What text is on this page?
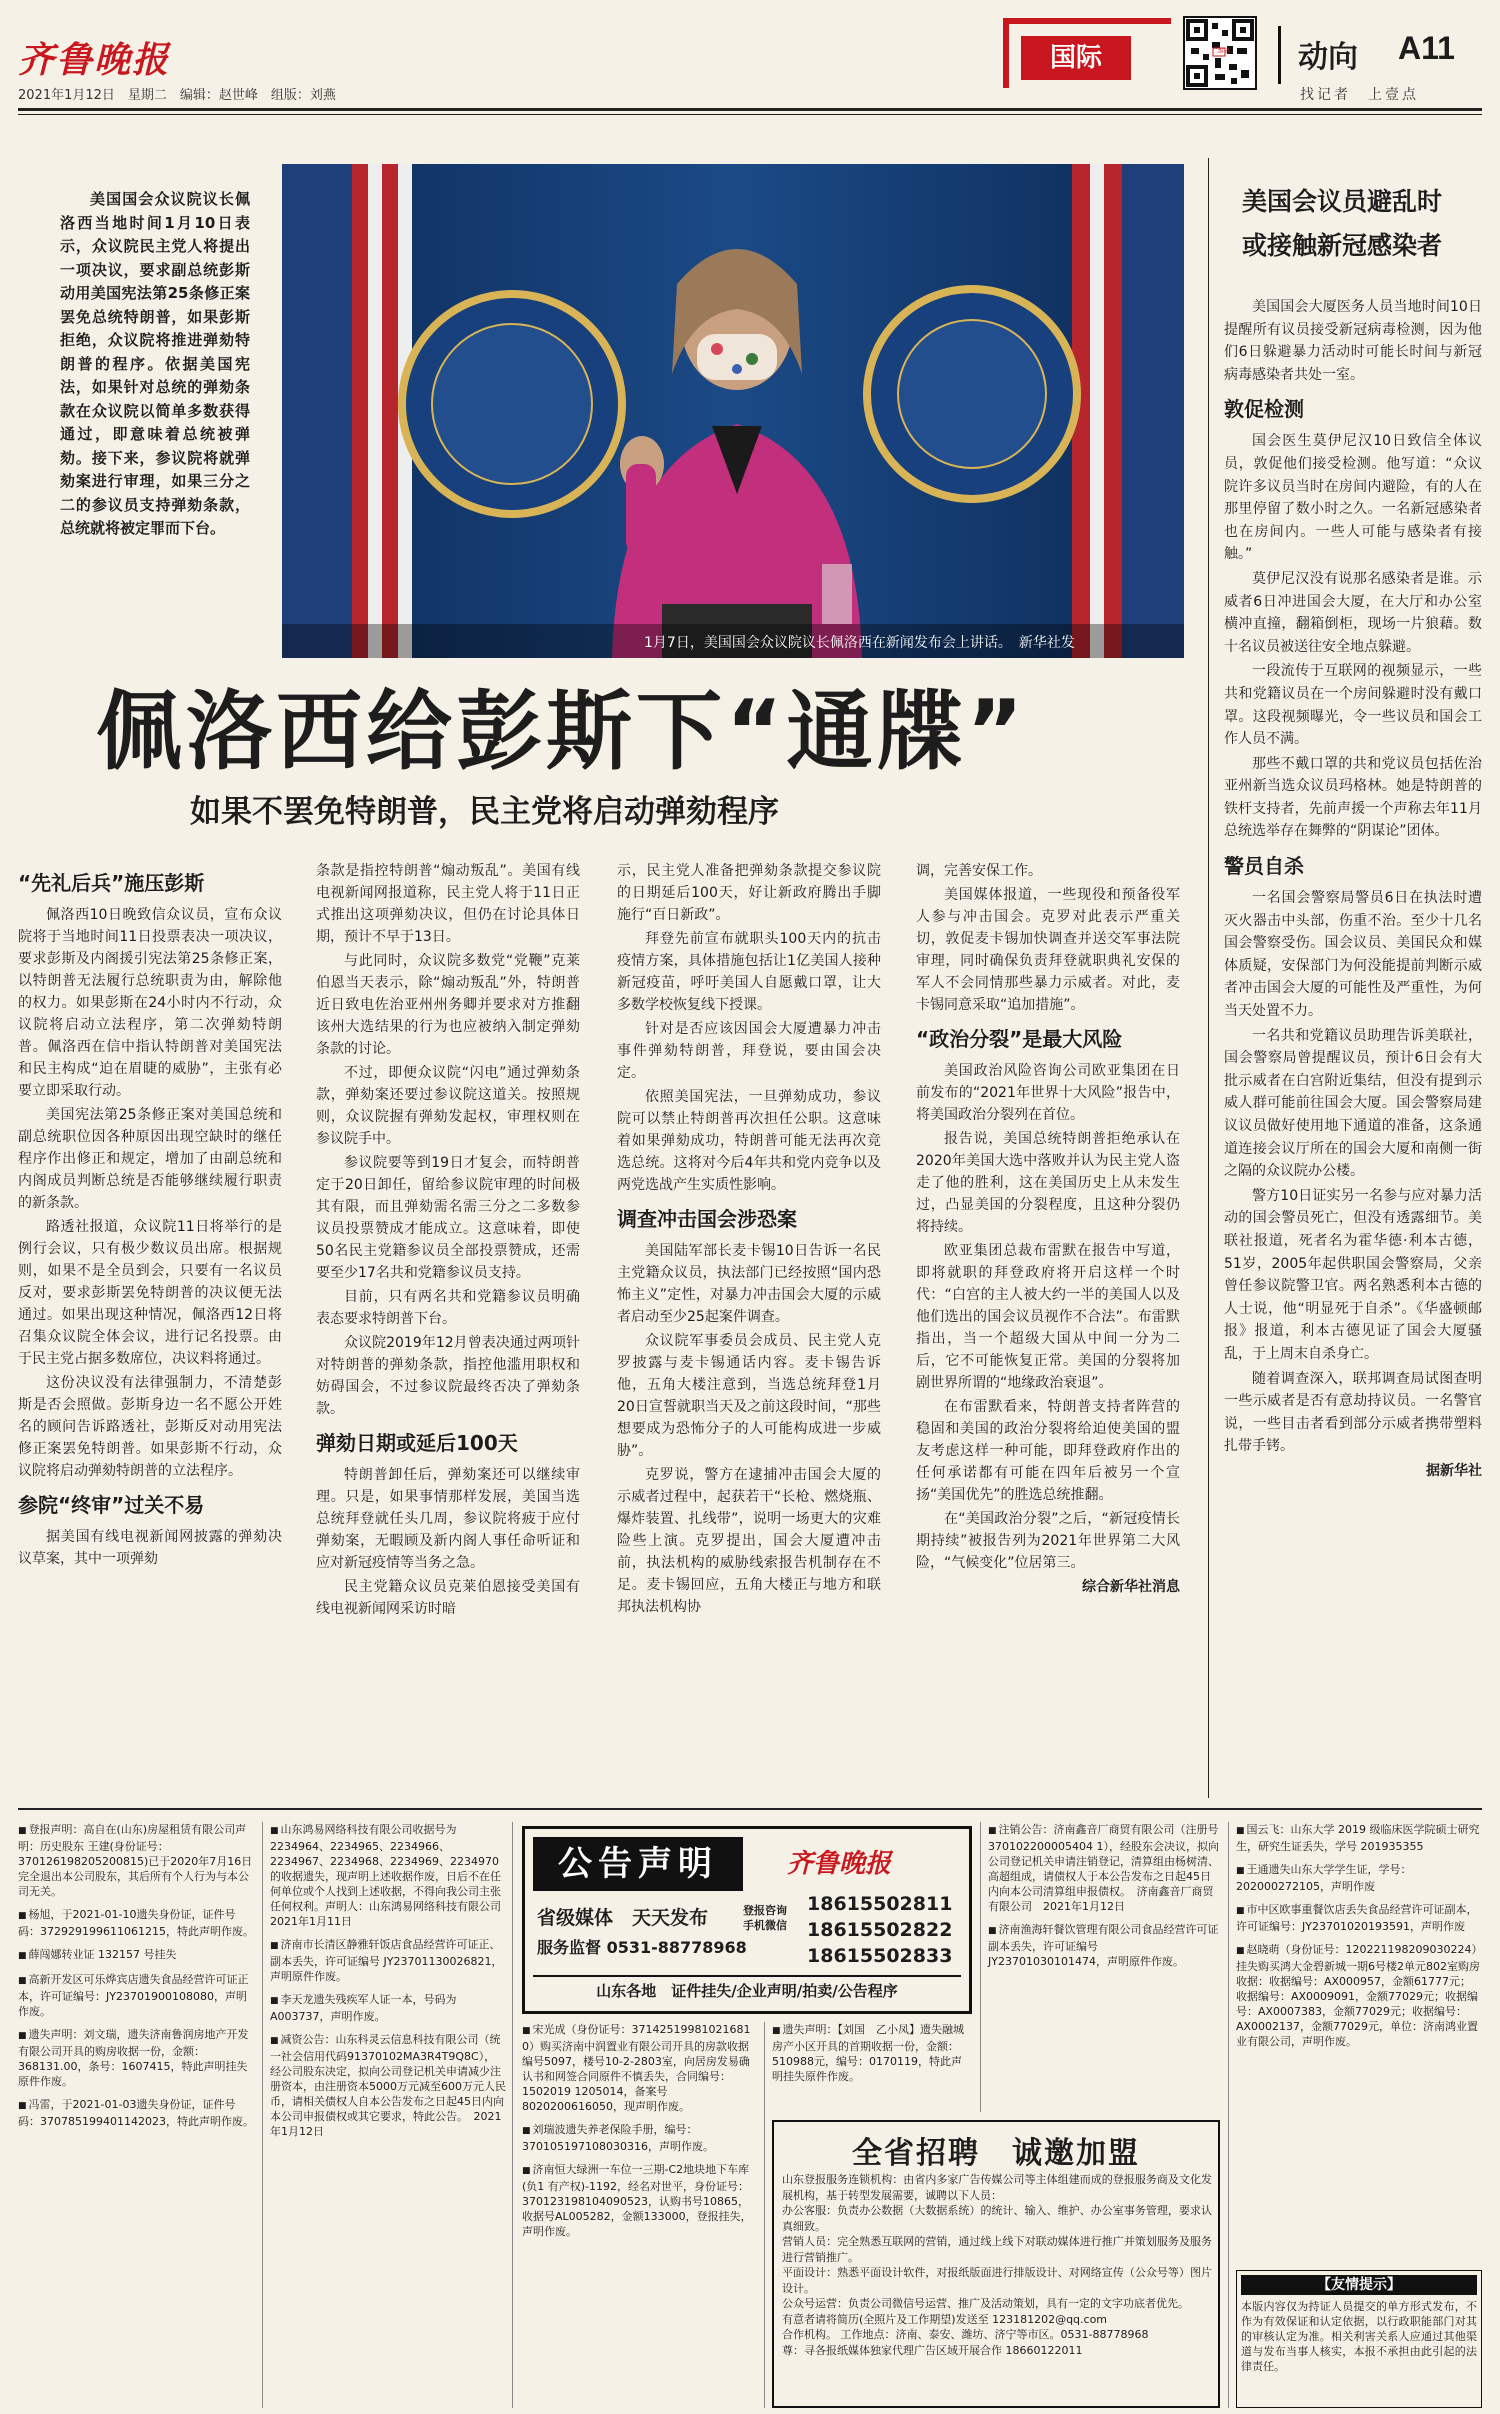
齐鲁晚报
2021年1月12日　星期二　编辑：赵世峰　组版：刘燕
国际	二维码 动向 A11
找记者　上壹点
美国国会众议院议长佩洛西当地时间1月10日表示，众议院民主党人将提出一项决议，要求副总统彭斯动用美国宪法第25条修正案罢免总统特朗普，如果彭斯拒绝，众议院将推进弹劾特朗普的程序。依据美国宪法，如果针对总统的弹劾条款在众议院以简单多数获得通过，即意味着总统被弹劾。接下来，参议院将就弹劾案进行审理，如果三分之二的参议员支持弹劾条款，总统就将被定罪而下台。
1月7日，美国国会众议院议长佩洛西在新闻发布会上讲话。　新华社发
佩洛西给彭斯下“通牒”
如果不罢免特朗普，民主党将启动弹劾程序
“先礼后兵”施压彭斯

佩洛西10日晚致信众议员，宣布众议院将于当地时间11日投票表决一项决议，要求彭斯及内阁援引宪法第25条修正案，以特朗普无法履行总统职责为由，解除他的权力。如果彭斯在24小时内不行动，众议院将启动立法程序，第二次弹劾特朗普。佩洛西在信中指认特朗普对美国宪法和民主构成“迫在眉睫的威胁”，主张有必要立即采取行动。

美国宪法第25条修正案对美国总统和副总统职位因各种原因出现空缺时的继任程序作出修正和规定，增加了由副总统和内阁成员判断总统是否能够继续履行职责的新条款。

路透社报道，众议院11日将举行的是例行会议，只有极少数议员出席。根据规则，如果不是全员到会，只要有一名议员反对，要求彭斯罢免特朗普的决议便无法通过。如果出现这种情况，佩洛西12日将召集众议院全体会议，进行记名投票。由于民主党占据多数席位，决议料将通过。

这份决议没有法律强制力，不清楚彭斯是否会照做。彭斯身边一名不愿公开姓名的顾问告诉路透社，彭斯反对动用宪法修正案罢免特朗普。如果彭斯不行动，众议院将启动弹劾特朗普的立法程序。

参院“终审”过关不易

据美国有线电视新闻网披露的弹劾决议草案，其中一项弹劾

条款是指控特朗普“煽动叛乱”。美国有线电视新闻网报道称，民主党人将于11日正式推出这项弹劾决议，但仍在讨论具体日期，预计不早于13日。

与此同时，众议院多数党“党鞭”克莱伯恩当天表示，除“煽动叛乱”外，特朗普近日致电佐治亚州州务卿并要求对方推翻该州大选结果的行为也应被纳入制定弹劾条款的讨论。

不过，即便众议院“闪电”通过弹劾条款，弹劾案还要过参议院这道关。按照规则，众议院握有弹劾发起权，审理权则在参议院手中。

参议院要等到19日才复会，而特朗普定于20日卸任，留给参议院审理的时间极其有限，而且弹劾需名需三分之二多数参议员投票赞成才能成立。这意味着，即使50名民主党籍参议员全部投票赞成，还需要至少17名共和党籍参议员支持。

目前，只有两名共和党籍参议员明确表态要求特朗普下台。

众议院2019年12月曾表决通过两项针对特朗普的弹劾条款，指控他滥用职权和妨碍国会，不过参议院最终否决了弹劾条款。

弹劾日期或延后100天

特朗普卸任后，弹劾案还可以继续审理。只是，如果事情那样发展，美国当选总统拜登就任头几周，参议院将疲于应付弹劾案，无暇顾及新内阁人事任命听证和应对新冠疫情等当务之急。

民主党籍众议员克莱伯恩接受美国有线电视新闻网采访时暗

示，民主党人准备把弹劾条款提交参议院的日期延后100天，好让新政府腾出手脚施行“百日新政”。

拜登先前宣布就职头100天内的抗击疫情方案，具体措施包括让1亿美国人接种新冠疫苗，呼吁美国人自愿戴口罩，让大多数学校恢复线下授课。

针对是否应该因国会大厦遭暴力冲击事件弹劾特朗普，拜登说，要由国会决定。

依照美国宪法，一旦弹劾成功，参议院可以禁止特朗普再次担任公职。这意味着如果弹劾成功，特朗普可能无法再次竞选总统。这将对今后4年共和党内竞争以及两党选战产生实质性影响。

调查冲击国会涉恐案

美国陆军部长麦卡锡10日告诉一名民主党籍众议员，执法部门已经按照“国内恐怖主义”定性，对暴力冲击国会大厦的示威者启动至少25起案件调查。

众议院军事委员会成员、民主党人克罗披露与麦卡锡通话内容。麦卡锡告诉他，五角大楼注意到，当选总统拜登1月20日宣誓就职当天及之前这段时间，“那些想要成为恐怖分子的人可能构成进一步威胁”。

克罗说，警方在逮捕冲击国会大厦的示威者过程中，起获若干“长枪、燃烧瓶、爆炸装置、扎线带”，说明一场更大的灾难险些上演。克罗提出，国会大厦遭冲击前，执法机构的威胁线索报告机制存在不足。麦卡锡回应，五角大楼正与地方和联邦执法机构协

调，完善安保工作。

美国媒体报道，一些现役和预备役军人参与冲击国会。克罗对此表示严重关切，敦促麦卡锡加快调查并送交军事法院审理，同时确保负责拜登就职典礼安保的军人不会同情那些暴力示威者。对此，麦卡锡同意采取“追加措施”。

“政治分裂”是最大风险

美国政治风险咨询公司欧亚集团在日前发布的“2021年世界十大风险”报告中，将美国政治分裂列在首位。

报告说，美国总统特朗普拒绝承认在2020年美国大选中落败并认为民主党人盗走了他的胜利，这在美国历史上从未发生过，凸显美国的分裂程度，且这种分裂仍将持续。

欧亚集团总裁布雷默在报告中写道，即将就职的拜登政府将开启这样一个时代：“白宫的主人被大约一半的美国人以及他们选出的国会议员视作不合法”。布雷默指出，当一个超级大国从中间一分为二后，它不可能恢复正常。美国的分裂将加剧世界所谓的“地缘政治衰退”。

在布雷默看来，特朗普支持者阵营的稳固和美国的政治分裂将给迫使美国的盟友考虑这样一种可能，即拜登政府作出的任何承诺都有可能在四年后被另一个宣扬“美国优先”的胜选总统推翻。

在“美国政治分裂”之后，“新冠疫情长期持续”被报告列为2021年世界第二大风险，“气候变化”位居第三。

综合新华社消息

美国会议员避乱时
或接触新冠感染者

美国国会大厦医务人员当地时间10日提醒所有议员接受新冠病毒检测，因为他们6日躲避暴力活动时可能长时间与新冠病毒感染者共处一室。

敦促检测

国会医生莫伊尼汉10日致信全体议员，敦促他们接受检测。他写道：“众议院许多议员当时在房间内避险，有的人在那里停留了数小时之久。一名新冠感染者也在房间内。一些人可能与感染者有接触。”

莫伊尼汉没有说那名感染者是谁。示威者6日冲进国会大厦，在大厅和办公室横冲直撞，翻箱倒柜，现场一片狼藉。数十名议员被送往安全地点躲避。

一段流传于互联网的视频显示，一些共和党籍议员在一个房间躲避时没有戴口罩。这段视频曝光，令一些议员和国会工作人员不满。

那些不戴口罩的共和党议员包括佐治亚州新当选众议员玛格林。她是特朗普的铁杆支持者，先前声援一个声称去年11月总统选举存在舞弊的“阴谋论”团体。

警员自杀

一名国会警察局警员6日在执法时遭灭火器击中头部，伤重不治。至少十几名国会警察受伤。国会议员、美国民众和媒体质疑，安保部门为何没能提前判断示威者冲击国会大厦的可能性及严重性，为何当天处置不力。

一名共和党籍议员助理告诉美联社，国会警察局曾提醒议员，预计6日会有大批示威者在白宫附近集结，但没有提到示威人群可能前往国会大厦。国会警察局建议议员做好使用地下通道的准备，这条通道连接会议厅所在的国会大厦和南侧一街之隔的众议院办公楼。

警方10日证实另一名参与应对暴力活动的国会警员死亡，但没有透露细节。美联社报道，死者名为霍华德·利本古德，51岁，2005年起供职国会警察局，父亲曾任参议院警卫官。两名熟悉利本古德的人士说，他“明显死于自杀”。《华盛顿邮报》报道，利本古德见证了国会大厦骚乱，于上周末自杀身亡。

随着调查深入，联邦调查局试图查明一些示威者是否有意劫持议员。一名警官说，一些目击者看到部分示威者携带塑料扎带手铐。

据新华社

■ 登报声明：高自在(山东)房屋租赁有限公司声明：历史股东 王建(身份证号：370126198205200815)已于2020年7月16日完全退出本公司股东，其后所有个人行为与本公司无关。
■ 杨旭，于2021-01-10遗失身份证，证件号码：372929199611061215，特此声明作废。
■ 薛闯娜转业证 132157 号挂失
■ 高新开发区可乐烨宾店遗失食品经营许可证正本，许可证编号：JY23701900108080，声明作废。
■ 遗失声明：刘文瑞，遗失济南鲁润房地产开发有限公司开具的购房收据一份，金额：368131.00，条号：1607415，特此声明挂失原件作废。
■ 冯雷，于2021-01-03遗失身份证，证件号码：370785199401142023，特此声明作废。
■ 山东鸿易网络科技有限公司收据号为 2234964、2234965、2234966、2234967、2234968、2234969、2234970 的收据遗失，现声明上述收据作废，日后不在任何单位或个人找到上述收据，不得向我公司主张任何权利。声明人：山东鸿易网络科技有限公司　2021年1月11日
■ 济南市长清区静雅轩饭店食品经营许可证正、副本丢失，许可证编号 JY23701130026821，声明原件作废。
■ 李天龙遗失残疾军人证一本，号码为 A003737，声明作废。
■ 减资公告：山东科灵云信息科技有限公司（统一社会信用代码91370102MA3R4T9Q8C），经公司股东决定，拟向公司登记机关申请减少注册资本，由注册资本5000万元减至600万元人民币，请相关债权人自本公告发布之日起45日内向本公司申报债权或其它要求，特此公告。　2021年1月12日
公告声明	齐鲁晚报
省级媒体　天天发布
服务监督 0531-88778968
登报咨询 手机微信
18615502811
18615502822
18615502833
山东各地　证件挂失/企业声明/拍卖/公告程序
■ 宋光成（身份证号：37142519981021681 0）购买济南中润置业有限公司开具的房款收据编号5097，楼号10-2-2803室，向居房发易确认书和网签合同原件不慎丢失，合同编号：1502019 1205014，备案号8020200616050，现声明作废。
■ 刘瑞波遗失养老保险手册，编号：370105197108030316，声明作废。
■ 济南恒大绿洲一车位一三期-C2地块地下车库(负1 有产权)-1192，经名对世平，身份证号：370123198104090523，认购书号10865，收据号AL005282，金额133000，登报挂失，声明作废。
■ 遗失声明：【刘国　乙小凤】遗失融城房产小区开具的首期收据一份，金额：510988元，编号：0170119，特此声明挂失原件作废。
■ 注销公告：济南鑫音厂商贸有限公司（注册号370102200005404 1），经股东会决议，拟向公司登记机关申请注销登记，清算组由杨树清、高超组成，请债权人于本公告发布之日起45日内向本公司清算组申报债权。　济南鑫音厂商贸有限公司　2021年1月12日
■ 济南渔海轩餐饮管理有限公司食品经营许可证副本丢失，许可证编号 JY23701030101474，声明原件作废。
全省招聘　诚邀加盟
山东登报服务连锁机构：由省内多家广告传媒公司等主体组建而成的登报服务商及文化发展机构，基于转型发展需要，诚聘以下人员：
办公客服：负责办公数据（大数据系统）的统计、输入、维护、办公室事务管理，要求认真细致。
营销人员：完全熟悉互联网的营销，通过线上线下对联动媒体进行推广并策划服务及服务进行营销推广。
平面设计：熟悉平面设计软件，对报纸版面进行排版设计、对网络宣传（公众号等）图片设计。
公众号运营：负责公司微信号运营、推广及活动策划，具有一定的文字功底者优先。
有意者请将简历(全照片及工作期望)发送至 123181202@qq.com
合作机构。 工作地点：济南、泰安、潍坊、济宁等市区。0531-88778968
尊：寻各报纸媒体独家代理广告区域开展合作 18660122011
■ 国云飞：山东大学 2019 级临床医学院硕士研究生，研究生证丢失，学号 201935355
■ 王通遗失山东大学学生证，学号：202000272105，声明作废
■ 市中区欧事重餐饮店丢失食品经营许可证副本，许可证编号：JY23701020193591，声明作废
■ 赵晓萌（身份证号：120221198209030224）挂失购买鸿大金碧新城一期6号楼2单元802室购房收据：收据编号：AX000957，金额61777元；收据编号：AX0009091，金额77029元；收据编号：AX0007383，金额77029元；收据编号：AX0002137，金额77029元，单位：济南鸿业置业有限公司，声明作废。
【友情提示】
本版内容仅为持证人员提交的单方形式发布，不作为有效保证和认定依据，以行政职能部门对其的审核认定为准。相关利害关系人应通过其他渠道与发布当事人核实，本报不承担由此引起的法律责任。
